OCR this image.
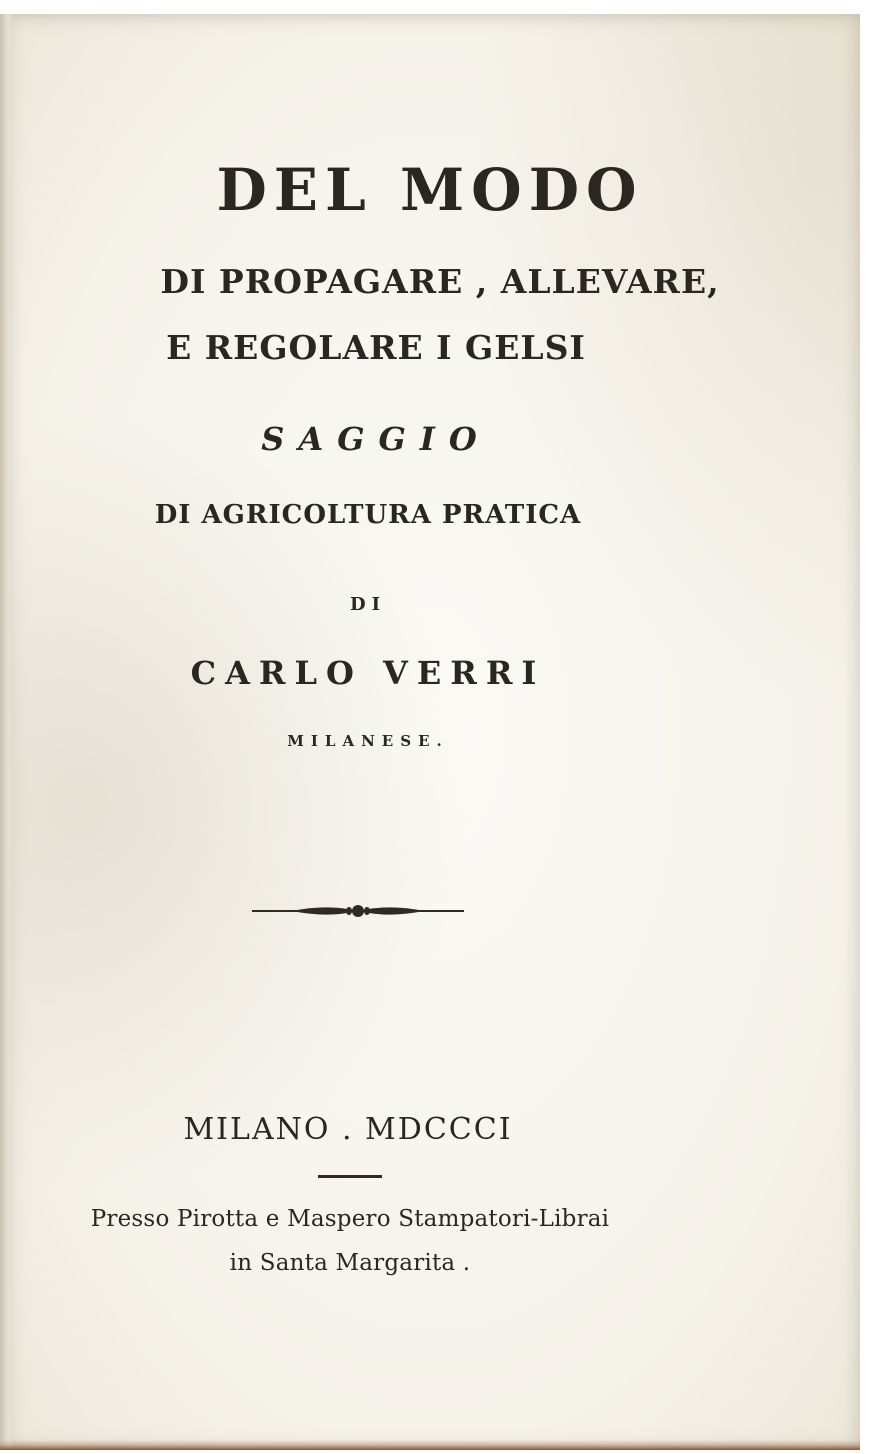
DEL MODO
DI PROPAGARE , ALLEVARE,
E REGOLARE I GELSI
SAGGIO
DI AGRICOLTURA PRATICA
DI
CARLO VERRI
MILANESE.
MILANO . MDCCCI
Presso Pirotta e Maspero Stampatori-Librai
in Santa Margarita .
